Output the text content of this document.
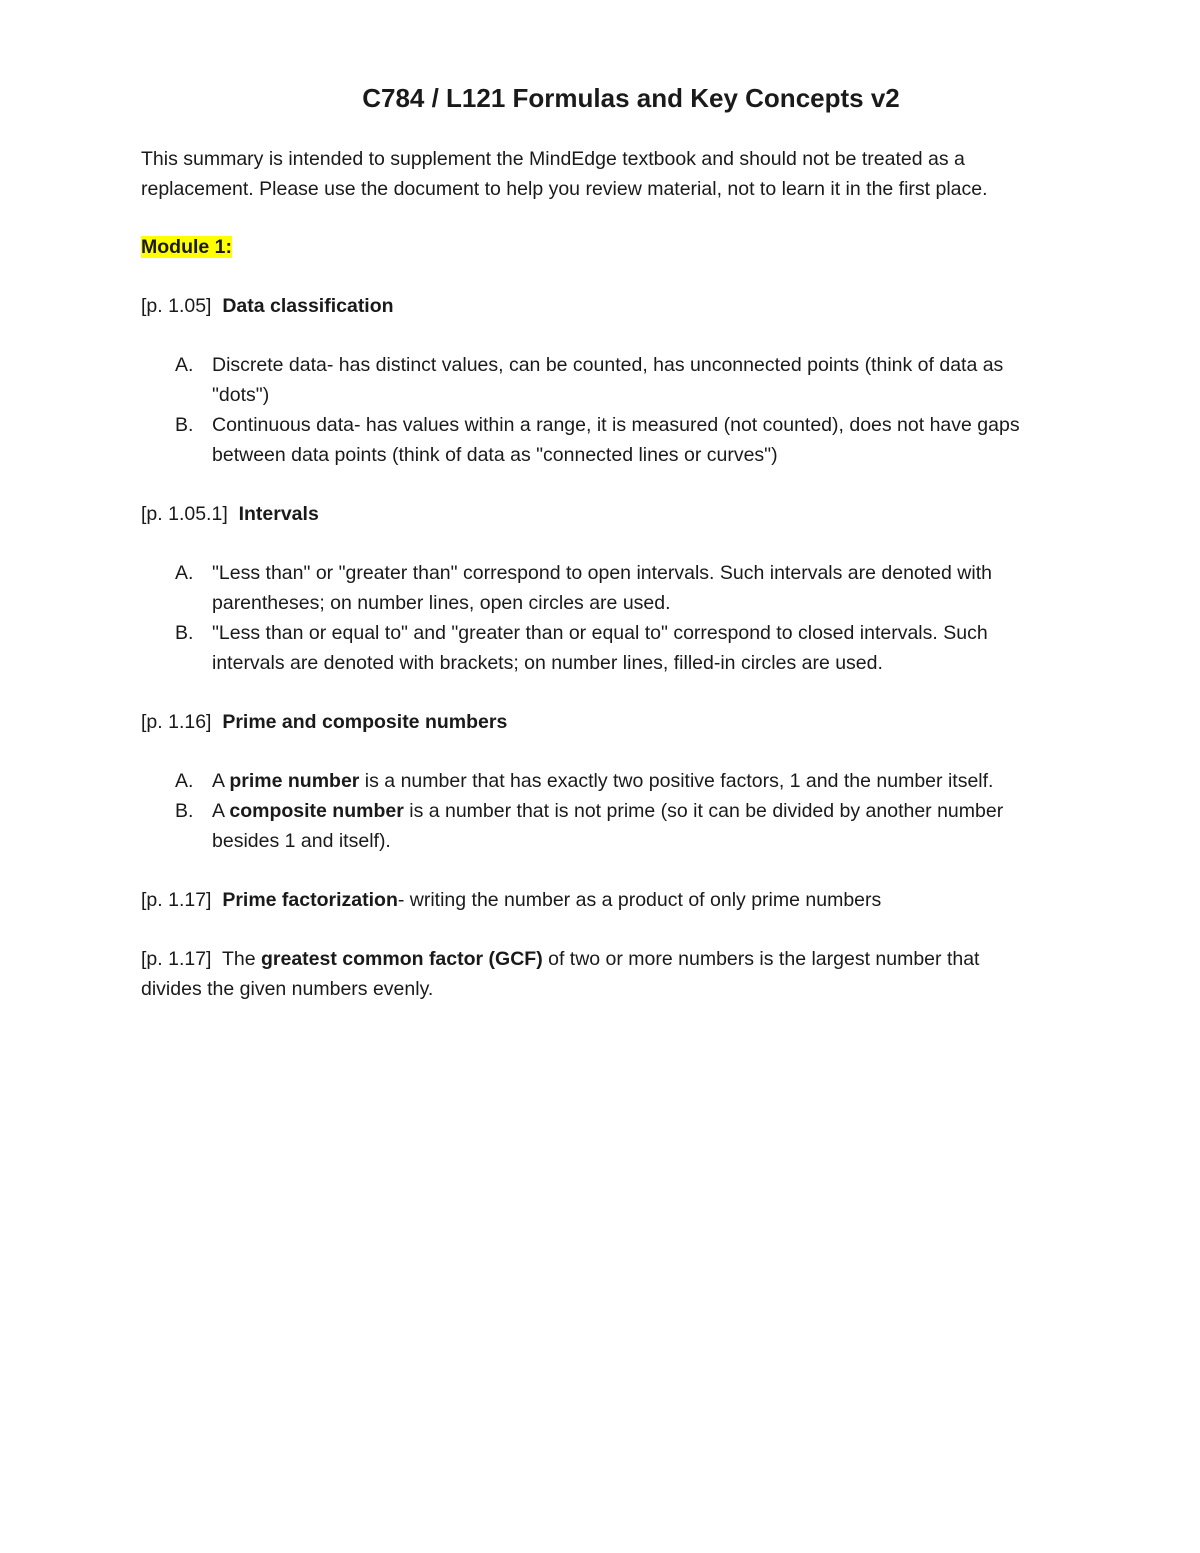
C784 / L121 Formulas and Key Concepts v2

This summary is intended to supplement the MindEdge textbook and should not be treated as a
replacement. Please use the document to help you review material, not to learn it in the first place.

Module 1:

[p. 1.05] Data classification

A. Discrete data- has distinct values, can be counted, has unconnected points (think of data as
"dots")
B. Continuous data- has values within a range, it is measured (not counted), does not have gaps
between data points (think of data as "connected lines or curves")

[p. 1.05.1] Intervals

A. "Less than" or "greater than" correspond to open intervals. Such intervals are denoted with
parentheses; on number lines, open circles are used.
B. "Less than or equal to" and "greater than or equal to" correspond to closed intervals. Such
intervals are denoted with brackets; on number lines, filled-in circles are used.

[p. 1.16] Prime and composite numbers

A. A prime number is a number that has exactly two positive factors, 1 and the number itself.
B. A composite number is a number that is not prime (so it can be divided by another number
besides 1 and itself).

[p. 1.17] Prime factorization- writing the number as a product of only prime numbers

[p. 1.17] The greatest common factor (GCF) of two or more numbers is the largest number that
divides the given numbers evenly.
